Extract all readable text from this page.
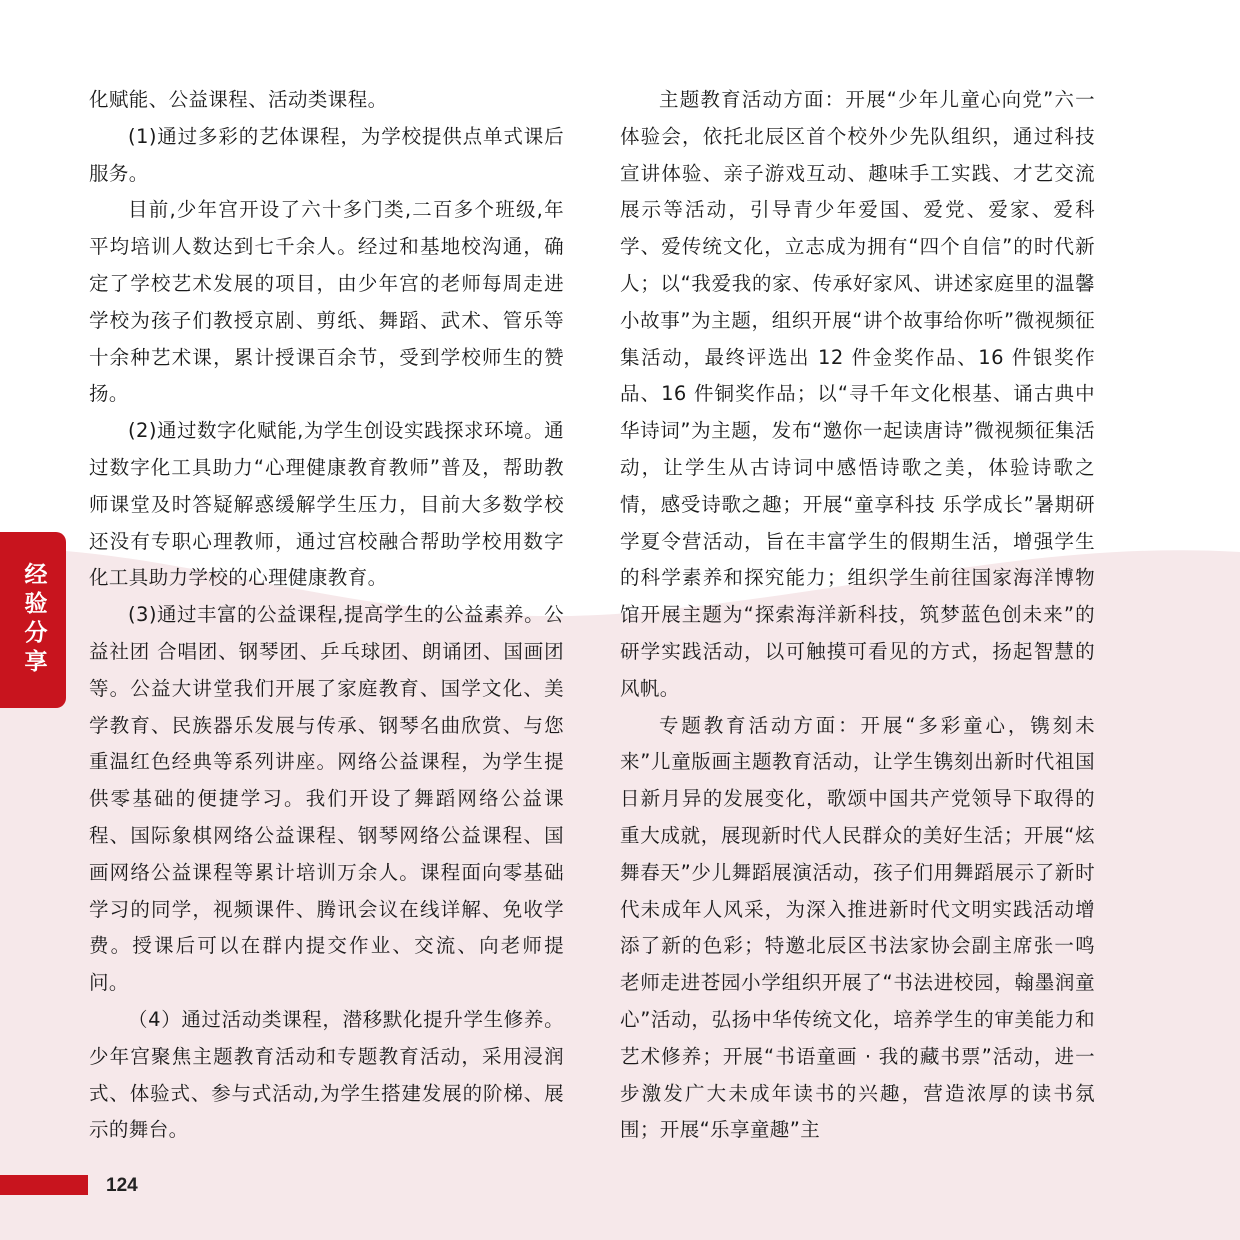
经验分享

化赋能、公益课程、活动类课程。

(1)通过多彩的艺体课程，为学校提供点单式课后服务。

目前,少年宫开设了六十多门类,二百多个班级,年平均培训人数达到七千余人。经过和基地校沟通，确定了学校艺术发展的项目，由少年宫的老师每周走进学校为孩子们教授京剧、剪纸、舞蹈、武术、管乐等十余种艺术课，累计授课百余节，受到学校师生的赞扬。

(2)通过数字化赋能,为学生创设实践探求环境。通过数字化工具助力“心理健康教育教师”普及，帮助教师课堂及时答疑解惑缓解学生压力，目前大多数学校还没有专职心理教师，通过宫校融合帮助学校用数字化工具助力学校的心理健康教育。

(3)通过丰富的公益课程,提高学生的公益素养。公益社团 合唱团、钢琴团、乒乓球团、朗诵团、国画团等。公益大讲堂我们开展了家庭教育、国学文化、美学教育、民族器乐发展与传承、钢琴名曲欣赏、与您重温红色经典等系列讲座。网络公益课程，为学生提供零基础的便捷学习。我们开设了舞蹈网络公益课程、国际象棋网络公益课程、钢琴网络公益课程、国画网络公益课程等累计培训万余人。课程面向零基础学习的同学，视频课件、腾讯会议在线详解、免收学费。授课后可以在群内提交作业、交流、向老师提问。

（4）通过活动类课程，潜移默化提升学生修养。少年宫聚焦主题教育活动和专题教育活动，采用浸润式、体验式、参与式活动,为学生搭建发展的阶梯、展示的舞台。

主题教育活动方面：开展“少年儿童心向党”六一体验会，依托北辰区首个校外少先队组织，通过科技宣讲体验、亲子游戏互动、趣味手工实践、才艺交流展示等活动，引导青少年爱国、爱党、爱家、爱科学、爱传统文化，立志成为拥有“四个自信”的时代新人；以“我爱我的家、传承好家风、讲述家庭里的温馨小故事”为主题，组织开展“讲个故事给你听”微视频征集活动，最终评选出 12 件金奖作品、16 件银奖作品、16 件铜奖作品；以“寻千年文化根基、诵古典中华诗词”为主题，发布“邀你一起读唐诗”微视频征集活动，让学生从古诗词中感悟诗歌之美，体验诗歌之情，感受诗歌之趣；开展“童享科技 乐学成长”暑期研学夏令营活动，旨在丰富学生的假期生活，增强学生的科学素养和探究能力；组织学生前往国家海洋博物馆开展主题为“探索海洋新科技，筑梦蓝色创未来”的研学实践活动，以可触摸可看见的方式，扬起智慧的风帆。

专题教育活动方面：开展“多彩童心，镌刻未来”儿童版画主题教育活动，让学生镌刻出新时代祖国日新月异的发展变化，歌颂中国共产党领导下取得的重大成就，展现新时代人民群众的美好生活；开展“炫舞春天”少儿舞蹈展演活动，孩子们用舞蹈展示了新时代未成年人风采，为深入推进新时代文明实践活动增添了新的色彩；特邀北辰区书法家协会副主席张一鸣老师走进苍园小学组织开展了“书法进校园，翰墨润童心”活动，弘扬中华传统文化，培养学生的审美能力和艺术修养；开展“书语童画 · 我的藏书票”活动，进一步激发广大未成年读书的兴趣，营造浓厚的读书氛围；开展“乐享童趣”主

124
